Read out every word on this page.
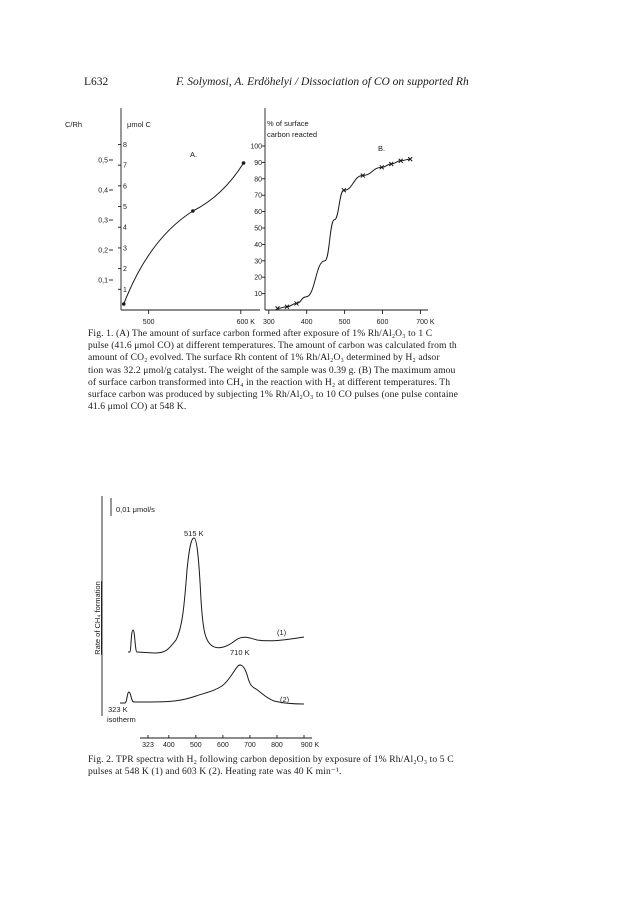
L632	F. Solymosi, A. Erdöhelyi / Dissociation of CO on supported Rh
C/Rh	μmol C
A.
0,5
0,4
0,3
0,2
0,1
8
7
6
5
4
3
2
1
500	600 K
% of surface
carbon reacted
B.
100
90
80
70
60
50
40
30
20
10
300	400	500	600	700 K

Fig. 1. (A) The amount of surface carbon formed after exposure of 1% Rh/Al₂O₃ to 1 C

pulse (41.6 μmol CO) at different temperatures. The amount of carbon was calculated from th

amount of CO₂ evolved. The surface Rh content of 1% Rh/Al₂O₃ determined by H₂ adsor

tion was 32.2 μmol/g catalyst. The weight of the sample was 0.39 g. (B) The maximum amou

of surface carbon transformed into CH₄ in the reaction with H₂ at different temperatures. Th

surface carbon was produced by subjecting 1% Rh/Al₂O₃ to 10 CO pulses (one pulse containe

41.6 μmol CO) at 548 K.

0,01 μmol/s
Rate of CH₄ formation
323 400 500 600 700 800	900 K
515 K
710 K
(1)
(2)
323 K
isotherm

Fig. 2. TPR spectra with H₂ following carbon deposition by exposure of 1% Rh/Al₂O₃ to 5 C

pulses at 548 K (1) and 603 K (2). Heating rate was 40 K min⁻¹.
